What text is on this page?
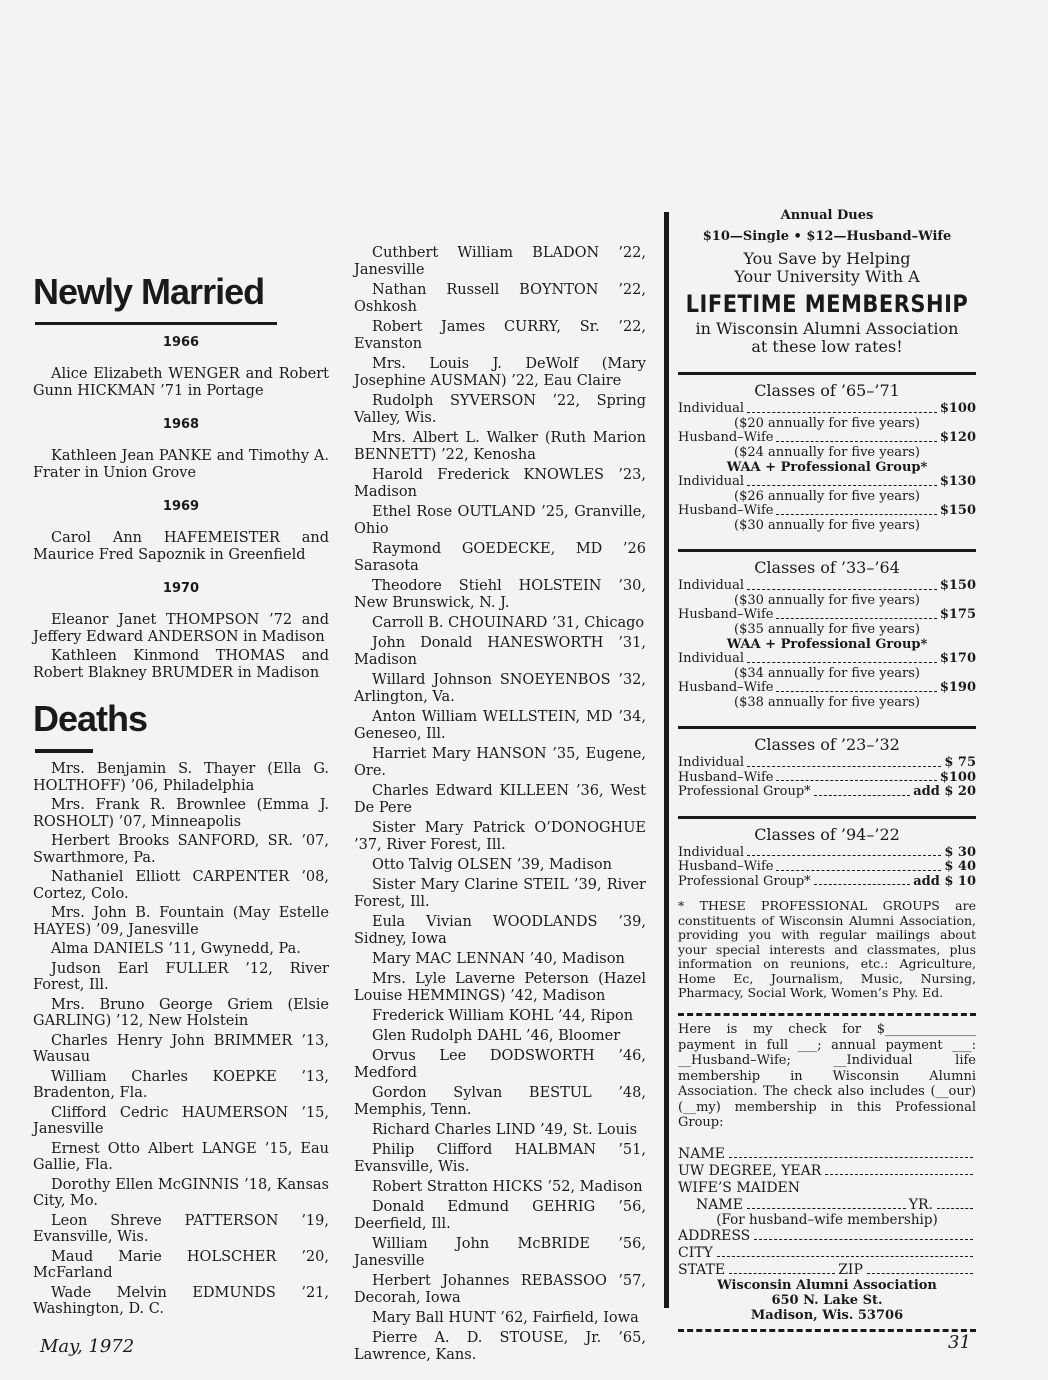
Newly Married
1966

Alice Elizabeth WENGER and Robert Gunn HICKMAN ’71 in Portage

1968

Kathleen Jean PANKE and Timothy A. Frater in Union Grove

1969

Carol Ann HAFEMEISTER and Maurice Fred Sapoznik in Greenfield

1970

Eleanor Janet THOMPSON ’72 and Jeffery Edward ANDERSON in Madison

Kathleen Kinmond THOMAS and Robert Blakney BRUMDER in Madison

Deaths

Mrs. Benjamin S. Thayer (Ella G. HOLTHOFF) ’06, Philadelphia

Mrs. Frank R. Brownlee (Emma J. ROSHOLT) ’07, Minneapolis

Herbert Brooks SANFORD, SR. ’07, Swarthmore, Pa.

Nathaniel Elliott CARPENTER ’08, Cortez, Colo.

Mrs. John B. Fountain (May Estelle HAYES) ’09, Janesville

Alma DANIELS ’11, Gwynedd, Pa.

Judson Earl FULLER ’12, River Forest, Ill.

Mrs. Bruno George Griem (Elsie GARLING) ’12, New Holstein

Charles Henry John BRIMMER ’13, Wausau

William Charles KOEPKE ’13, Bradenton, Fla.

Clifford Cedric HAUMERSON ’15, Janesville

Ernest Otto Albert LANGE ’15, Eau Gallie, Fla.

Dorothy Ellen McGINNIS ’18, Kansas City, Mo.

Leon Shreve PATTERSON ’19, Evansville, Wis.

Maud Marie HOLSCHER ’20, McFarland

Wade Melvin EDMUNDS ’21, Washington, D. C.

Cuthbert William BLADON ’22, Janesville

Nathan Russell BOYNTON ’22, Oshkosh

Robert James CURRY, Sr. ’22, Evanston

Mrs. Louis J. DeWolf (Mary Josephine AUSMAN) ’22, Eau Claire

Rudolph SYVERSON ’22, Spring Valley, Wis.

Mrs. Albert L. Walker (Ruth Marion BENNETT) ’22, Kenosha

Harold Frederick KNOWLES ’23, Madison

Ethel Rose OUTLAND ’25, Granville, Ohio

Raymond GOEDECKE, MD ’26 Sarasota

Theodore Stiehl HOLSTEIN ’30, New Brunswick, N. J.

Carroll B. CHOUINARD ’31, Chicago

John Donald HANESWORTH ’31, Madison

Willard Johnson SNOEYENBOS ’32, Arlington, Va.

Anton William WELLSTEIN, MD ’34, Geneseo, Ill.

Harriet Mary HANSON ’35, Eugene, Ore.

Charles Edward KILLEEN ’36, West De Pere

Sister Mary Patrick O’DONOGHUE ’37, River Forest, Ill.

Otto Talvig OLSEN ’39, Madison

Sister Mary Clarine STEIL ’39, River Forest, Ill.

Eula Vivian WOODLANDS ’39, Sidney, Iowa

Mary MAC LENNAN ’40, Madison

Mrs. Lyle Laverne Peterson (Hazel Louise HEMMINGS) ’42, Madison

Frederick William KOHL ’44, Ripon

Glen Rudolph DAHL ’46, Bloomer

Orvus Lee DODSWORTH ’46, Medford

Gordon Sylvan BESTUL ’48, Memphis, Tenn.

Richard Charles LIND ’49, St. Louis

Philip Clifford HALBMAN ’51, Evansville, Wis.

Robert Stratton HICKS ’52, Madison

Donald Edmund GEHRIG ’56, Deerfield, Ill.

William John McBRIDE ’56, Janesville

Herbert Johannes REBASSOO ’57, Decorah, Iowa

Mary Ball HUNT ’62, Fairfield, Iowa

Pierre A. D. STOUSE, Jr. ’65, Lawrence, Kans.

Annual Dues

$10—Single • $12—Husband–Wife

You Save by Helping

Your University With A

LIFETIME MEMBERSHIP

in Wisconsin Alumni Association

at these low rates!

Classes of ’65–’71
Individual	$100
($20 annually for five years)
Husband–Wife	$120
($24 annually for five years)
WAA + Professional Group*
Individual	$130
($26 annually for five years)
Husband–Wife	$150
($30 annually for five years)
Classes of ’33–’64
Individual	$150
($30 annually for five years)
Husband–Wife	$175
($35 annually for five years)
WAA + Professional Group*
Individual	$170
($34 annually for five years)
Husband–Wife	$190
($38 annually for five years)
Classes of ’23–’32
Individual	$ 75
Husband–Wife	$100
Professional Group*	add $ 20
Classes of ’94–’22
Individual	$ 30
Husband–Wife	$ 40
Professional Group*	add $ 10

* THESE PROFESSIONAL GROUPS are constituents of Wisconsin Alumni Association, providing you with regular mailings about your special interests and classmates, plus information on reunions, etc.: Agriculture, Home Ec, Journalism, Music, Nursing, Pharmacy, Social Work, Women’s Phy. Ed.

Here is my check for $______________ payment in full ___; annual payment ___: __Husband–Wife; __Individual life membership in Wisconsin Alumni Association. The check also includes (__our) (__my) membership in this Professional Group:

NAME
UW DEGREE, YEAR
WIFE’S MAIDEN
NAME	YR.
(For husband–wife membership)
ADDRESS
CITY
STATE	ZIP
Wisconsin Alumni Association
650 N. Lake St.
Madison, Wis. 53706
May, 1972	31
